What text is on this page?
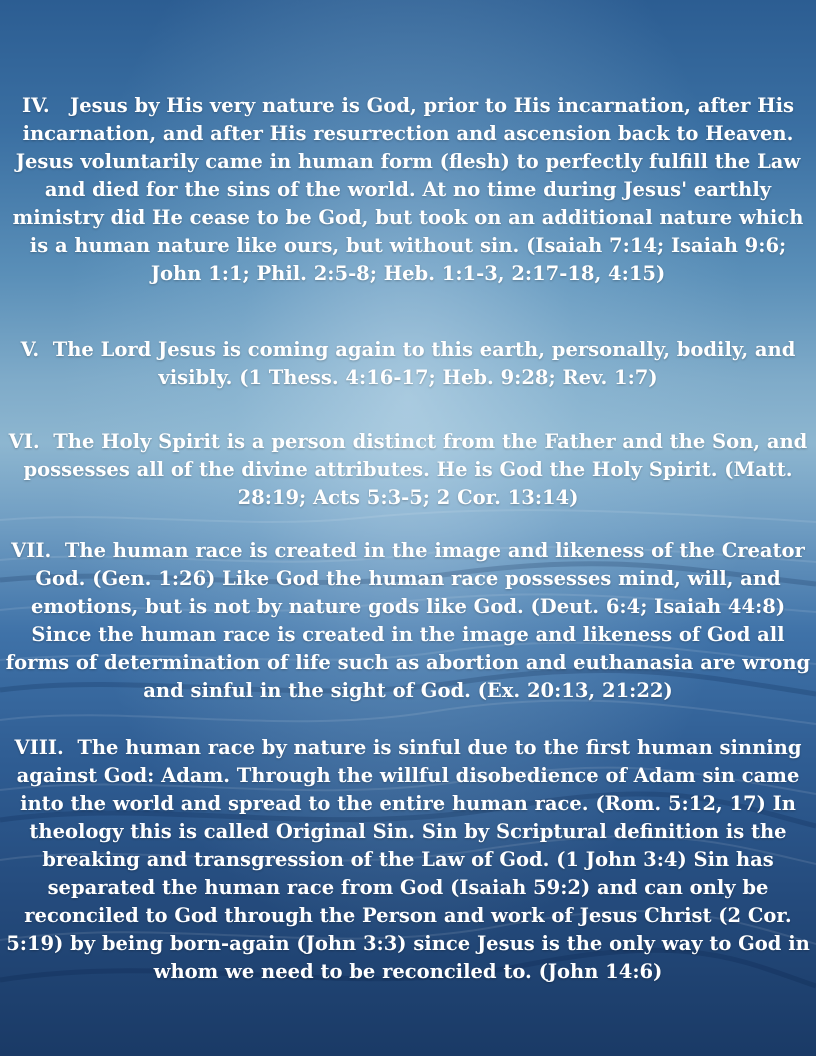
IV. Jesus by His very nature is God, prior to His incarnation, after His incarnation, and after His resurrection and ascension back to Heaven. Jesus voluntarily came in human form (flesh) to perfectly fulfill the Law and died for the sins of the world. At no time during Jesus' earthly ministry did He cease to be God, but took on an additional nature which is a human nature like ours, but without sin. (Isaiah 7:14; Isaiah 9:6; John 1:1; Phil. 2:5-8; Heb. 1:1-3, 2:17-18, 4:15)

V. The Lord Jesus is coming again to this earth, personally, bodily, and visibly. (1 Thess. 4:16-17; Heb. 9:28; Rev. 1:7)

VI. The Holy Spirit is a person distinct from the Father and the Son, and possesses all of the divine attributes. He is God the Holy Spirit. (Matt. 28:19; Acts 5:3-5; 2 Cor. 13:14)

VII. The human race is created in the image and likeness of the Creator God. (Gen. 1:26) Like God the human race possesses mind, will, and emotions, but is not by nature gods like God. (Deut. 6:4; Isaiah 44:8) Since the human race is created in the image and likeness of God all forms of determination of life such as abortion and euthanasia are wrong and sinful in the sight of God. (Ex. 20:13, 21:22)

VIII. The human race by nature is sinful due to the first human sinning against God: Adam. Through the willful disobedience of Adam sin came into the world and spread to the entire human race. (Rom. 5:12, 17) In theology this is called Original Sin. Sin by Scriptural definition is the breaking and transgression of the Law of God. (1 John 3:4) Sin has separated the human race from God (Isaiah 59:2) and can only be reconciled to God through the Person and work of Jesus Christ (2 Cor. 5:19) by being born-again (John 3:3) since Jesus is the only way to God in whom we need to be reconciled to. (John 14:6)
